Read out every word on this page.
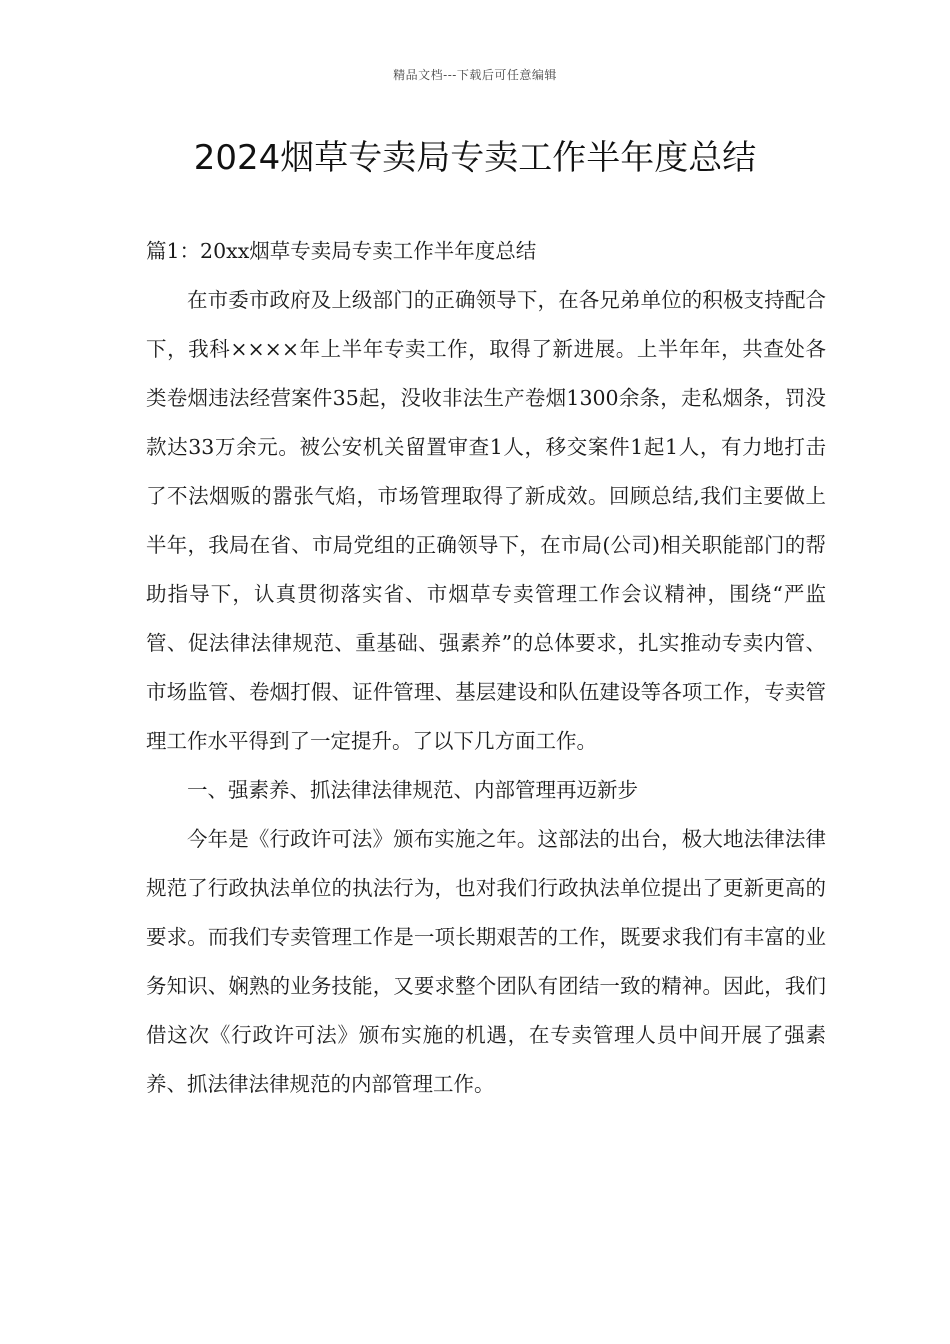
精品文档---下载后可任意编辑
2024烟草专卖局专卖工作半年度总结

篇1：20xx烟草专卖局专卖工作半年度总结

在市委市政府及上级部门的正确领导下，在各兄弟单位的积极支持配合下，我科××××年上半年专卖工作，取得了新进展。上半年年，共查处各类卷烟违法经营案件35起，没收非法生产卷烟1300余条，走私烟条，罚没款达33万余元。被公安机关留置审查1人，移交案件1起1人，有力地打击了不法烟贩的嚣张气焰，市场管理取得了新成效。回顾总结,我们主要做上半年，我局在省、市局党组的正确领导下，在市局(公司)相关职能部门的帮助指导下，认真贯彻落实省、市烟草专卖管理工作会议精神，围绕“严监管、促法律法律规范、重基础、强素养”的总体要求，扎实推动专卖内管、市场监管、卷烟打假、证件管理、基层建设和队伍建设等各项工作，专卖管理工作水平得到了一定提升。了以下几方面工作。

一、强素养、抓法律法律规范、内部管理再迈新步

今年是《行政许可法》颁布实施之年。这部法的出台，极大地法律法律规范了行政执法单位的执法行为，也对我们行政执法单位提出了更新更高的要求。而我们专卖管理工作是一项长期艰苦的工作，既要求我们有丰富的业务知识、娴熟的业务技能，又要求整个团队有团结一致的精神。因此，我们借这次《行政许可法》颁布实施的机遇，在专卖管理人员中间开展了强素养、抓法律法律规范的内部管理工作。
